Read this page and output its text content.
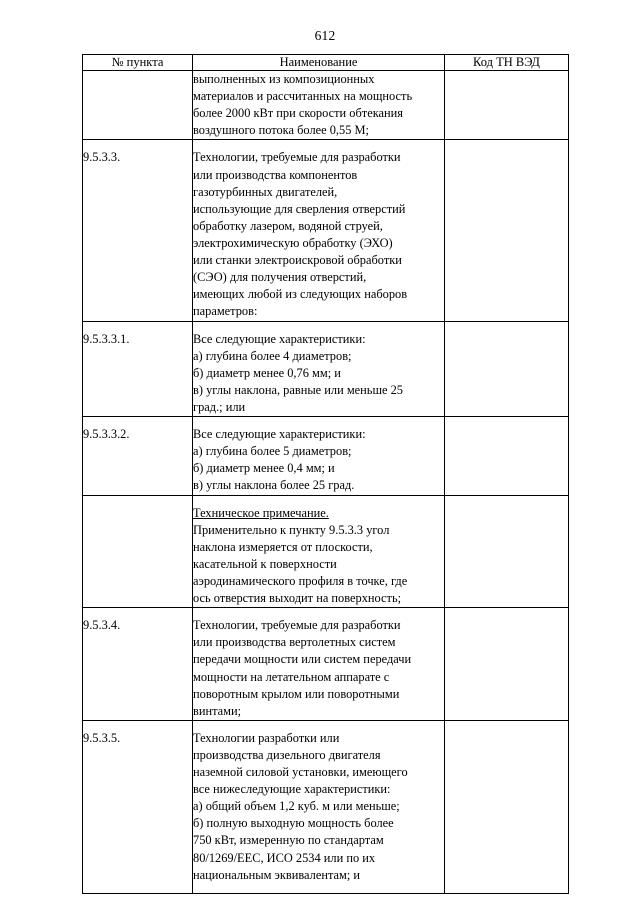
612
№ пункта	Наименование	Код ТН ВЭД

	выполненных из композиционных
материалов и рассчитанных на мощность
более 2000 кВт при скорости обтекания
воздушного потока более 0,55 М;	

9.5.3.3.	Технологии, требуемые для разработки
или производства компонентов
газотурбинных двигателей,
использующие для сверления отверстий
обработку лазером, водяной струей,
электрохимическую обработку (ЭХО)
или станки электроискровой обработки
(СЭО) для получения отверстий,
имеющих любой из следующих наборов
параметров:

9.5.3.3.1.	Все следующие характеристики:
а) глубина более 4 диаметров;
б) диаметр менее 0,76 мм; и
в) углы наклона, равные или меньше 25
град.; или	

9.5.3.3.2.	Все следующие характеристики:
а) глубина более 5 диаметров;
б) диаметр менее 0,4 мм; и
в) углы наклона более 25 град.	

Техническое примечание.
Применительно к пункту 9.5.3.3 угол
наклона измеряется от плоскости,
касательной к поверхности
аэродинамического профиля в точке, где
ось отверстия выходит на поверхность;

9.5.3.4.	Технологии, требуемые для разработки
или производства вертолетных систем
передачи мощности или систем передачи
мощности на летательном аппарате с
поворотным крылом или поворотными
винтами;

9.5.3.5.	Технологии разработки или
производства дизельного двигателя
наземной силовой установки, имеющего
все нижеследующие характеристики:
а) общий объем 1,2 куб. м или меньше;
б) полную выходную мощность более
750 кВт, измеренную по стандартам
80/1269/ЕЕС, ИСО 2534 или по их
национальным эквивалентам; и
